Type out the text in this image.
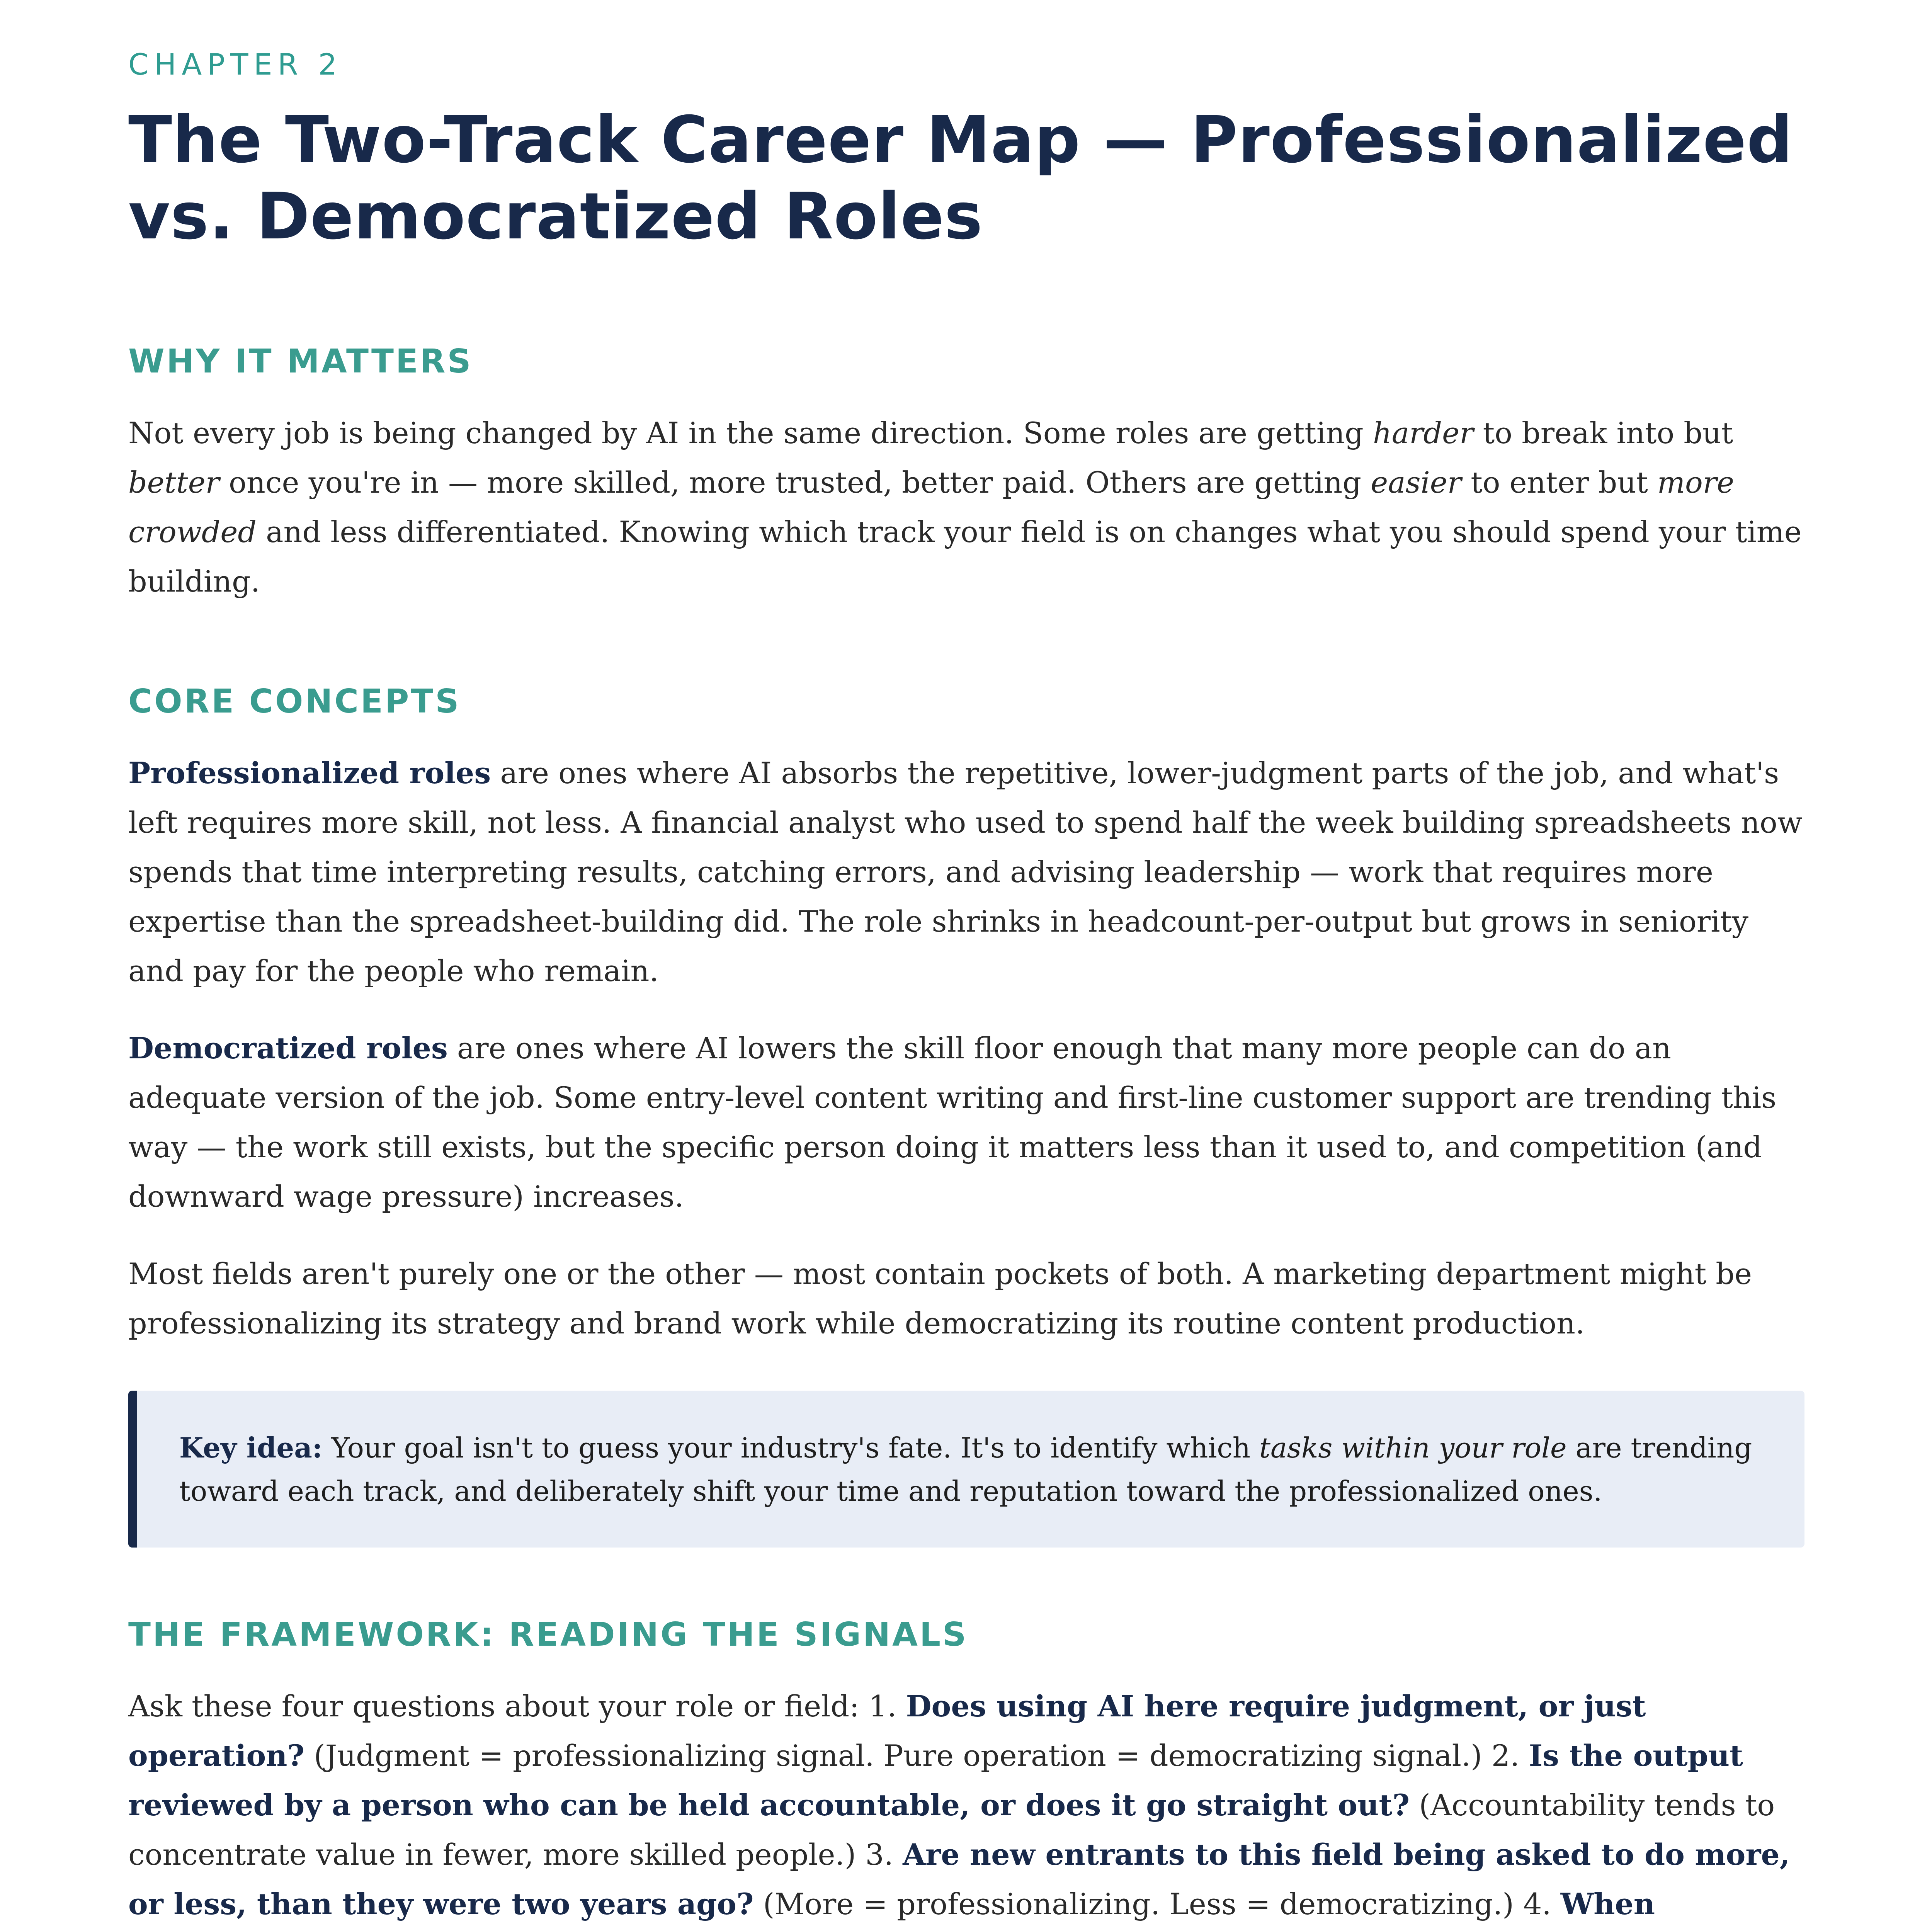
CHAPTER 2
The Two-Track Career Map — Professionalized vs. Democratized Roles
WHY IT MATTERS

Not every job is being changed by AI in the same direction. Some roles are getting harder to break into but better once you're in — more skilled, more trusted, better paid. Others are getting easier to enter but more crowded and less differentiated. Knowing which track your field is on changes what you should spend your time building.

CORE CONCEPTS

Professionalized roles are ones where AI absorbs the repetitive, lower-judgment parts of the job, and what's left requires more skill, not less. A financial analyst who used to spend half the week building spreadsheets now spends that time interpreting results, catching errors, and advising leadership — work that requires more expertise than the spreadsheet-building did. The role shrinks in headcount-per-output but grows in seniority and pay for the people who remain.

Democratized roles are ones where AI lowers the skill floor enough that many more people can do an adequate version of the job. Some entry-level content writing and first-line customer support are trending this way — the work still exists, but the specific person doing it matters less than it used to, and competition (and downward wage pressure) increases.

Most fields aren't purely one or the other — most contain pockets of both. A marketing department might be professionalizing its strategy and brand work while democratizing its routine content production.

Key idea: Your goal isn't to guess your industry's fate. It's to identify which tasks within your role are trending toward each track, and deliberately shift your time and reputation toward the professionalized ones.

THE FRAMEWORK: READING THE SIGNALS

Ask these four questions about your role or field: 1. Does using AI here require judgment, or just operation? (Judgment = professionalizing signal. Pure operation = democratizing signal.) 2. Is the output reviewed by a person who can be held accountable, or does it go straight out? (Accountability tends to concentrate value in fewer, more skilled people.) 3. Are new entrants to this field being asked to do more, or less, than they were two years ago? (More = professionalizing. Less = democratizing.) 4. When
